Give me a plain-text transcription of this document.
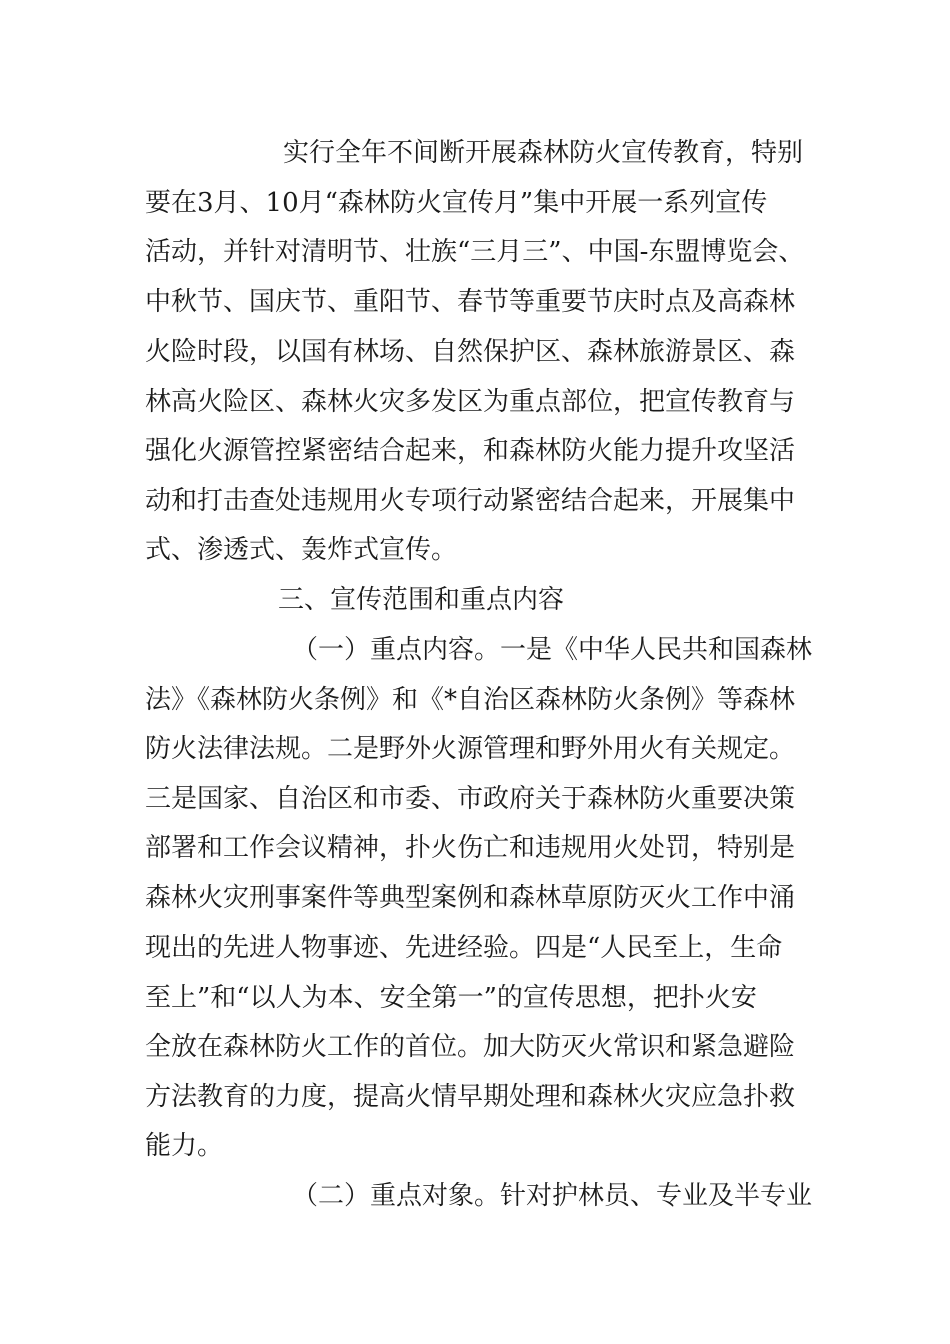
实行全年不间断开展森林防火宣传教育，特别
要在3月、10月“森林防火宣传月”集中开展一系列宣传
活动，并针对清明节、壮族“三月三”、中国-东盟博览会、
中秋节、国庆节、重阳节、春节等重要节庆时点及高森林
火险时段，以国有林场、自然保护区、森林旅游景区、森
林高火险区、森林火灾多发区为重点部位，把宣传教育与
强化火源管控紧密结合起来，和森林防火能力提升攻坚活
动和打击查处违规用火专项行动紧密结合起来，开展集中
式、渗透式、轰炸式宣传。
三、宣传范围和重点内容
（一）重点内容。一是《中华人民共和国森林
法》《森林防火条例》和《*自治区森林防火条例》等森林
防火法律法规。二是野外火源管理和野外用火有关规定。
三是国家、自治区和市委、市政府关于森林防火重要决策
部署和工作会议精神，扑火伤亡和违规用火处罚，特别是
森林火灾刑事案件等典型案例和森林草原防灭火工作中涌
现出的先进人物事迹、先进经验。四是“人民至上，生命
至上”和“以人为本、安全第一”的宣传思想，把扑火安
全放在森林防火工作的首位。加大防灭火常识和紧急避险
方法教育的力度，提高火情早期处理和森林火灾应急扑救
能力。
（二）重点对象。针对护林员、专业及半专业
